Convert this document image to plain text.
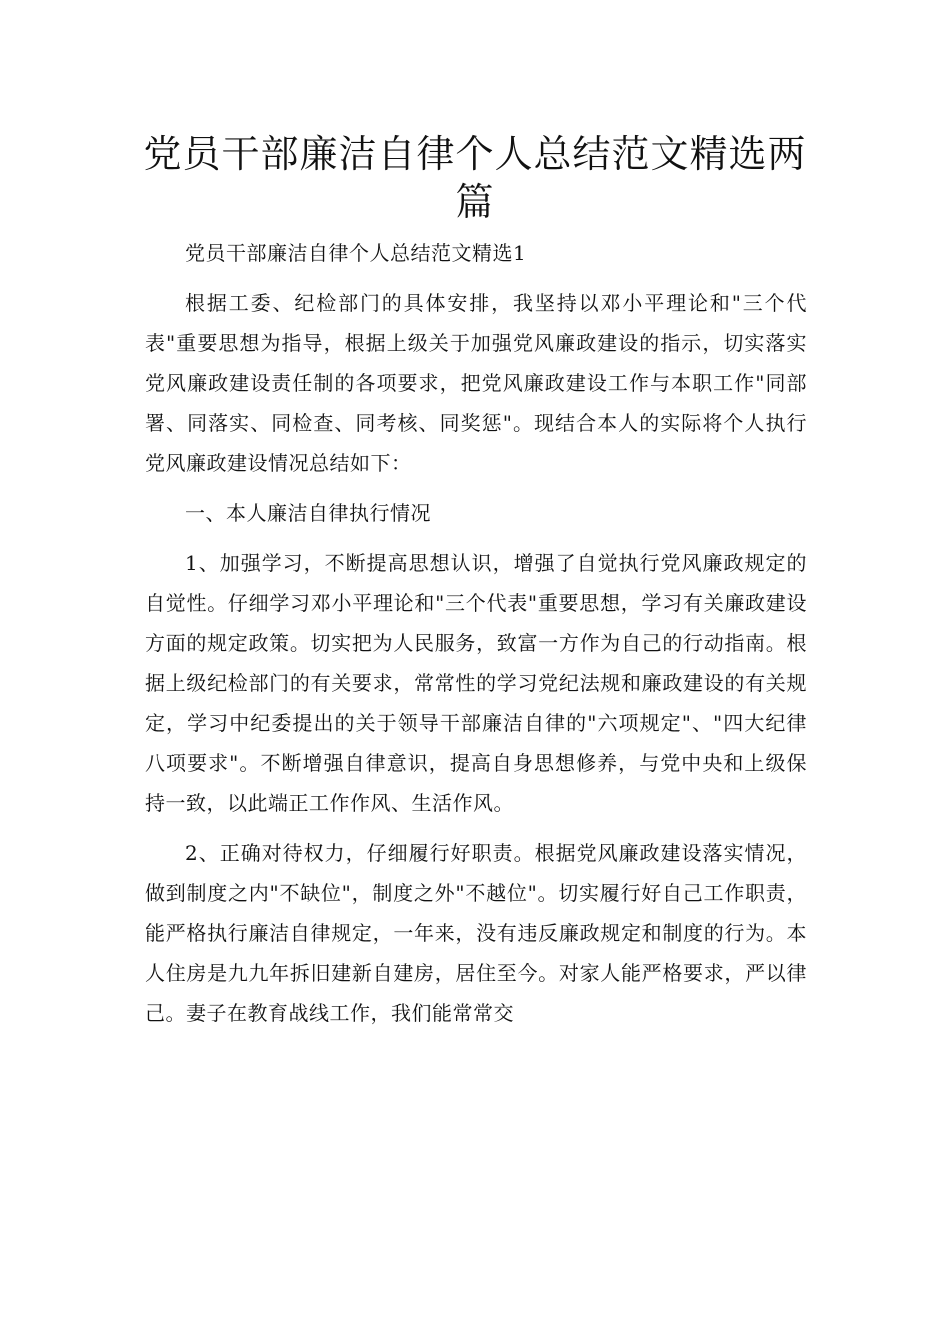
党员干部廉洁自律个人总结范文精选两篇

党员干部廉洁自律个人总结范文精选1

根据工委、纪检部门的具体安排，我坚持以邓小平理论和"三个代表"重要思想为指导，根据上级关于加强党风廉政建设的指示，切实落实党风廉政建设责任制的各项要求，把党风廉政建设工作与本职工作"同部署、同落实、同检查、同考核、同奖惩"。现结合本人的实际将个人执行党风廉政建设情况总结如下：

一、本人廉洁自律执行情况

1、加强学习，不断提高思想认识，增强了自觉执行党风廉政规定的自觉性。仔细学习邓小平理论和"三个代表"重要思想，学习有关廉政建设方面的规定政策。切实把为人民服务，致富一方作为自己的行动指南。根据上级纪检部门的有关要求，常常性的学习党纪法规和廉政建设的有关规定，学习中纪委提出的关于领导干部廉洁自律的"六项规定"、"四大纪律八项要求"。不断增强自律意识，提高自身思想修养，与党中央和上级保持一致，以此端正工作作风、生活作风。

2、正确对待权力，仔细履行好职责。根据党风廉政建设落实情况，做到制度之内"不缺位"，制度之外"不越位"。切实履行好自己工作职责，能严格执行廉洁自律规定，一年来，没有违反廉政规定和制度的行为。本人住房是九九年拆旧建新自建房，居住至今。对家人能严格要求，严以律己。妻子在教育战线工作，我们能常常交
